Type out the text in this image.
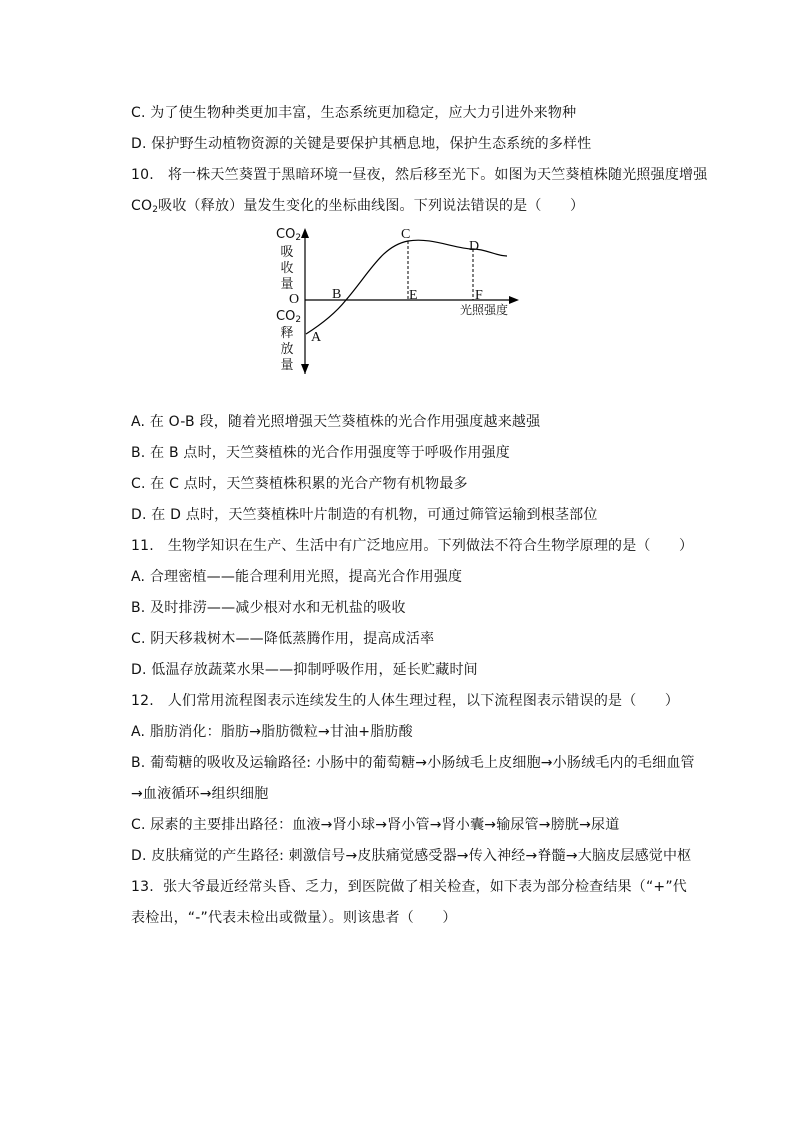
C. 为了使生物种类更加丰富，生态系统更加稳定，应大力引进外来物种
D. 保护野生动植物资源的关键是要保护其栖息地，保护生态系统的多样性
10.   将一株天竺葵置于黑暗环境一昼夜，然后移至光下。如图为天竺葵植株随光照强度增强
$CO_2$吸收（释放）量发生变化的坐标曲线图。下列说法错误的是（　　）
$CO_2$
吸
收
量
O
$CO_2$
释
放
量
A
B
C
D
E	F
光照强度
A. 在 O-B 段，随着光照增强天竺葵植株的光合作用强度越来越强
B. 在 B 点时，天竺葵植株的光合作用强度等于呼吸作用强度
C. 在 C 点时，天竺葵植株积累的光合产物有机物最多
D. 在 D 点时，天竺葵植株叶片制造的有机物，可通过筛管运输到根茎部位
11.   生物学知识在生产、生活中有广泛地应用。下列做法不符合生物学原理的是（　　）
A. 合理密植——能合理利用光照，提高光合作用强度
B. 及时排涝——减少根对水和无机盐的吸收
C. 阴天移栽树木——降低蒸腾作用，提高成活率
D. 低温存放蔬菜水果——抑制呼吸作用，延长贮藏时间
12.   人们常用流程图表示连续发生的人体生理过程，以下流程图表示错误的是（　　）
A. 脂肪消化：脂肪→脂肪微粒→甘油+脂肪酸
B. 葡萄糖的吸收及运输路径: 小肠中的葡萄糖→小肠绒毛上皮细胞→小肠绒毛内的毛细血管
→血液循环→组织细胞
C. 尿素的主要排出路径：血液→肾小球→肾小管→肾小囊→输尿管→膀胱→尿道
D. 皮肤痛觉的产生路径: 刺激信号→皮肤痛觉感受器→传入神经→脊髓→大脑皮层感觉中枢
13.  张大爷最近经常头昏、乏力，到医院做了相关检查，如下表为部分检查结果（“+”代
表检出，“-”代表未检出或微量）。则该患者（　　）
